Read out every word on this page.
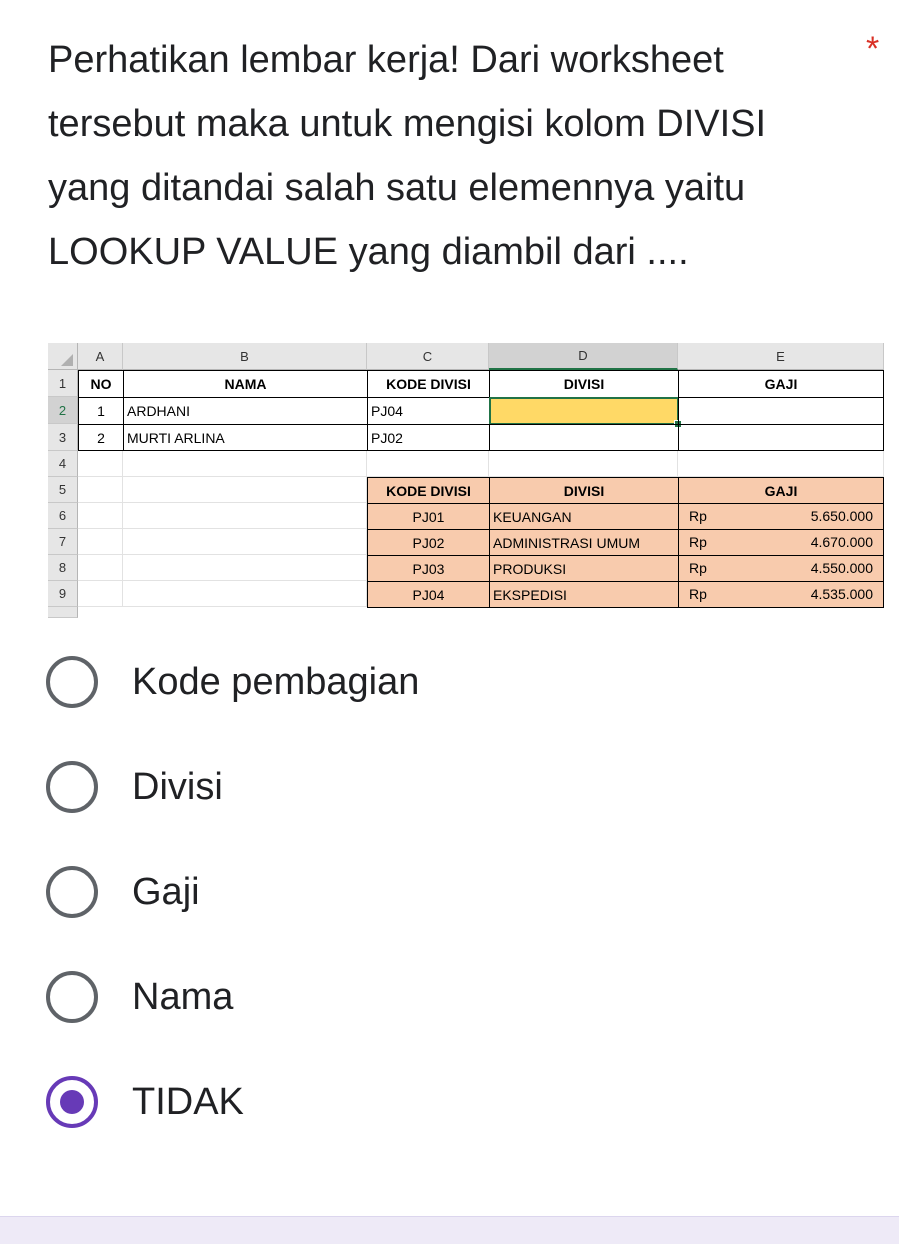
Perhatikan lembar kerja! Dari worksheet tersebut maka untuk mengisi kolom DIVISI yang ditandai salah satu elemennya yaitu LOOKUP VALUE yang diambil dari ....
*
A	B	C	D	E
1
2
3
4
5
6
7
8
9
NO	NAMA	KODE DIVISI	DIVISI	GAJI
1	ARDHANI	PJ04
2	MURTI ARLINA	PJ02
KODE DIVISI	DIVISI	GAJI
PJ01	KEUANGAN	Rp	5.650.000
PJ02	ADMINISTRASI UMUM	Rp	4.670.000
PJ03	PRODUKSI	Rp	4.550.000
PJ04	EKSPEDISI	Rp	4.535.000
Kode pembagian
Divisi
Gaji
Nama
TIDAK
